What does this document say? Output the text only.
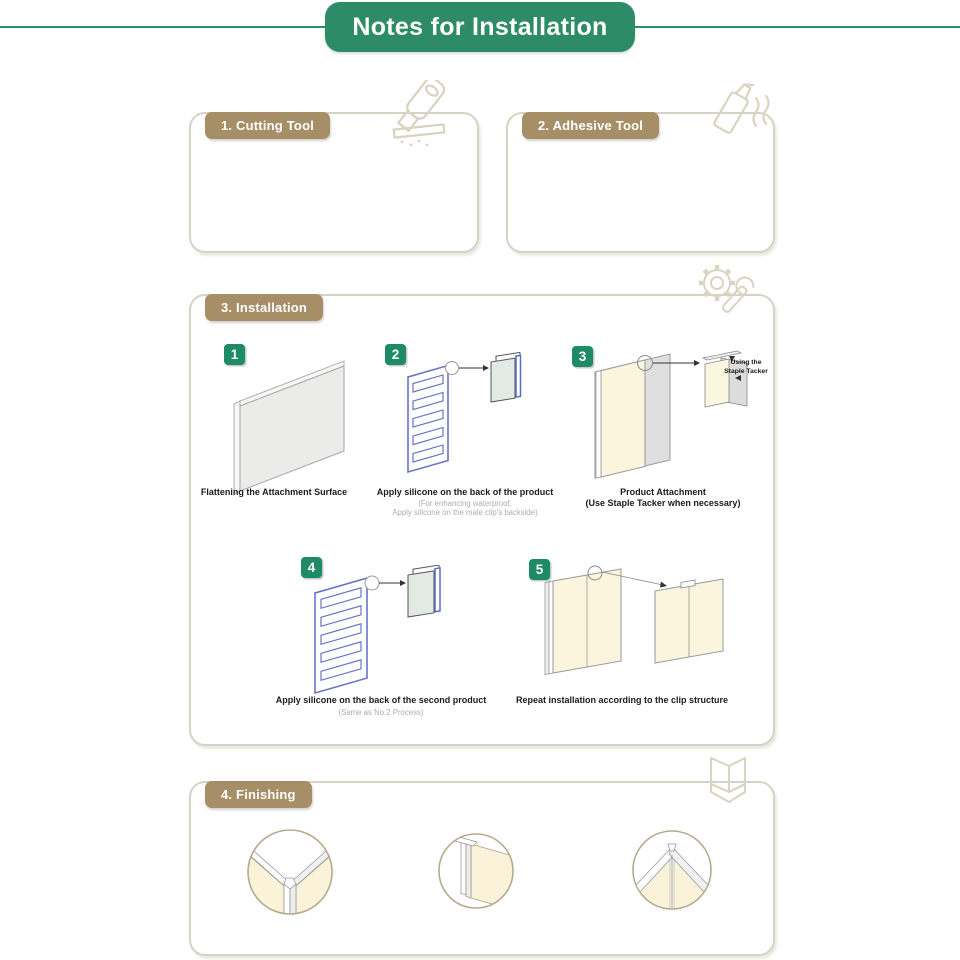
Notes for Installation
1. Cutting Tool
•
•	2. Adhesive Tool
•
•
•
•
3. Installation
1
Flattening the Attachment Surface
2
Apply silicone on the back of the product
(For enhancing waterproof,
Apply silicone on the male clip's backside)
3	Using the
Staple Tacker
Product Attachment
(Use Staple Tacker when necessary)
4
Apply silicone on the back of the second product
(Same as No.2 Process)
5
Repeat installation according to the clip structure
4. Finishing
•
•
•
